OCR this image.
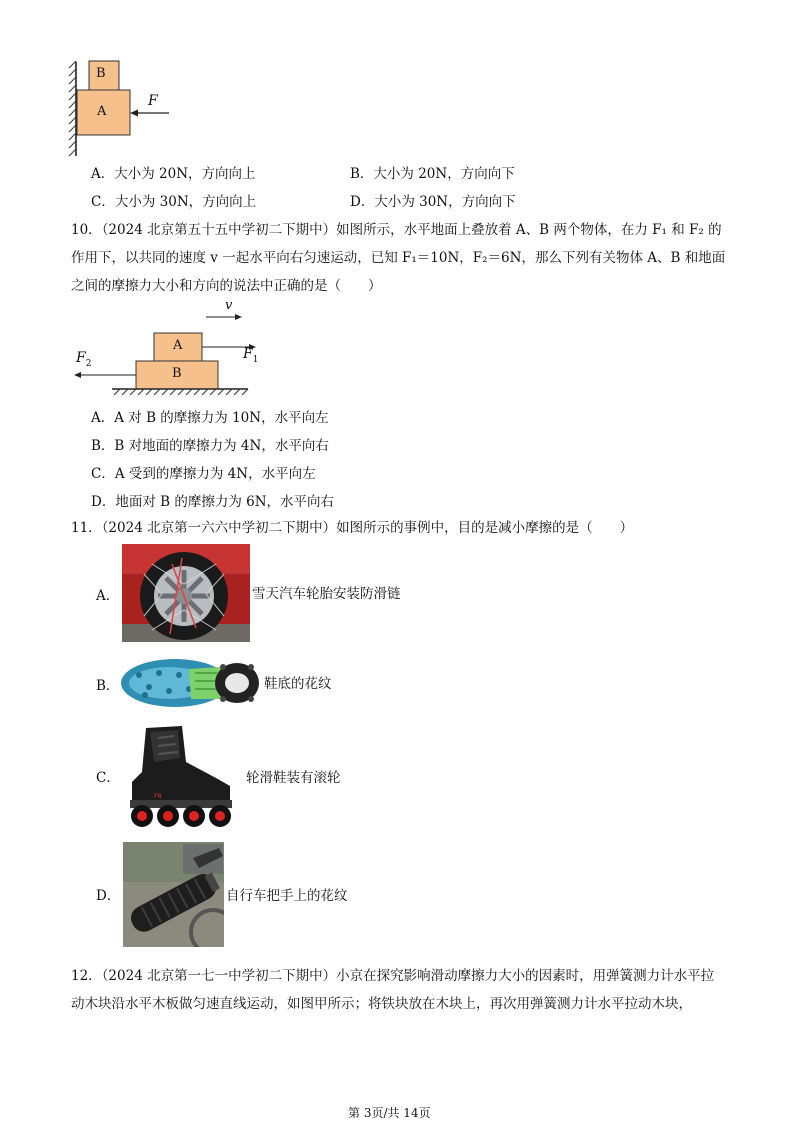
B
A
F
A．大小为 20N，方向向上	B．大小为 20N，方向向下
C．大小为 30N，方向向上	D．大小为 30N，方向向下
10．（2024 北京第五十五中学初二下期中）如图所示，水平地面上叠放着 A、B 两个物体，在力 F₁ 和 F₂ 的
作用下，以共同的速度 v 一起水平向右匀速运动，已知 F₁＝10N，F₂＝6N，那么下列有关物体 A、B 和地面
之间的摩擦力大小和方向的说法中正确的是（　　）
v
A
B
$F_1$
$F_2$
A．A 对 B 的摩擦力为 10N，水平向左
B．B 对地面的摩擦力为 4N，水平向右
C．A 受到的摩擦力为 4N，水平向左
D．地面对 B 的摩擦力为 6N，水平向右
11．（2024 北京第一六六中学初二下期中）如图所示的事例中，目的是减小摩擦的是（　　）
A．	雪天汽车轮胎安装防滑链
B．	鞋底的花纹
C．
FR
轮滑鞋装有滚轮
D．	自行车把手上的花纹
12．（2024 北京第一七一中学初二下期中）小京在探究影响滑动摩擦力大小的因素时，用弹簧测力计水平拉
动木块沿水平木板做匀速直线运动，如图甲所示；将铁块放在木块上，再次用弹簧测力计水平拉动木块，
第 3页/共 14页
